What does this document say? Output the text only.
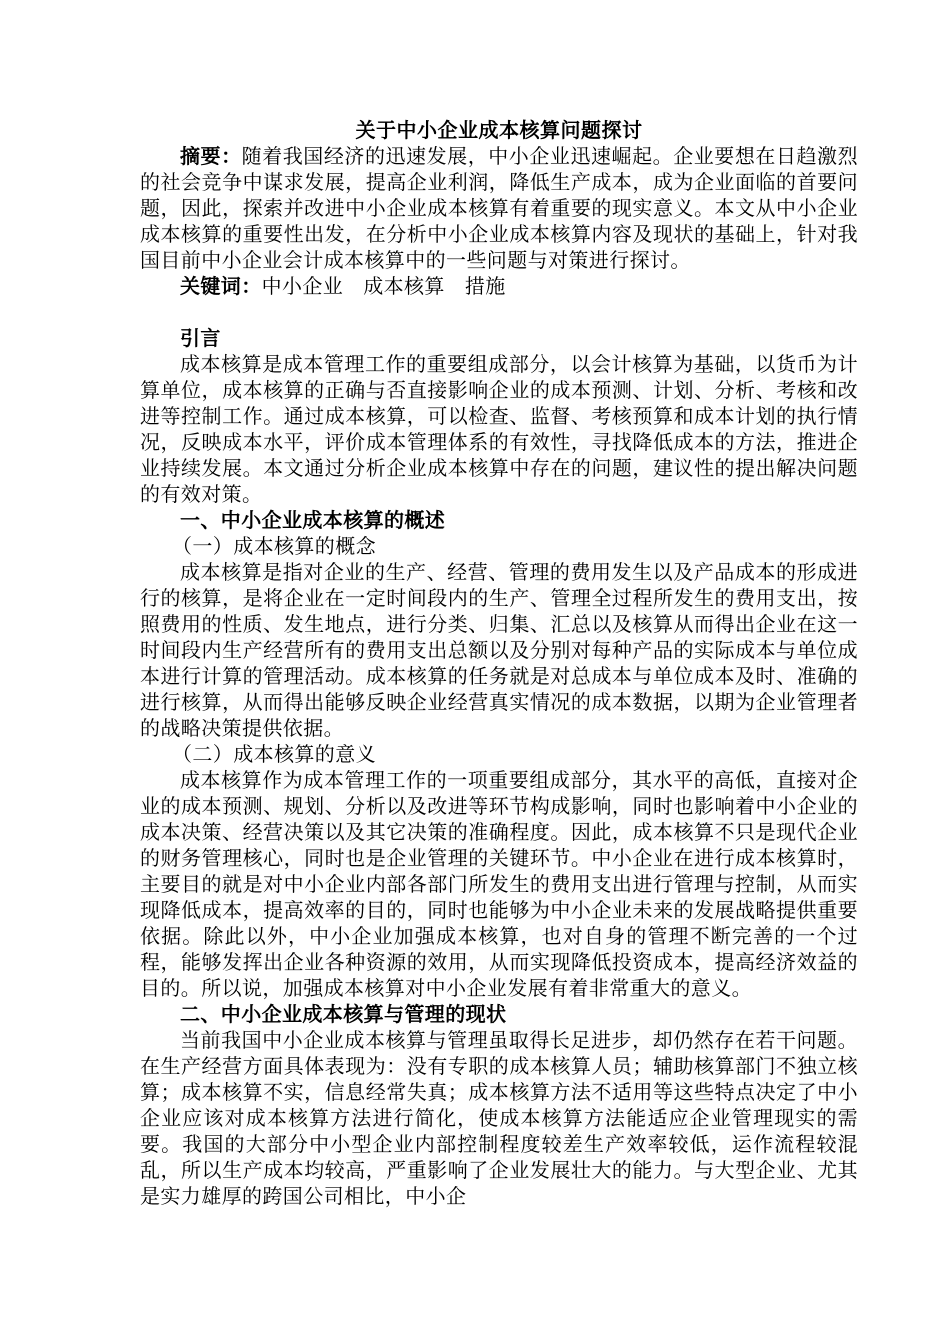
关于中小企业成本核算问题探讨

摘要：随着我国经济的迅速发展，中小企业迅速崛起。企业要想在日趋激烈的社会竞争中谋求发展，提高企业利润，降低生产成本，成为企业面临的首要问题，因此，探索并改进中小企业成本核算有着重要的现实意义。本文从中小企业成本核算的重要性出发，在分析中小企业成本核算内容及现状的基础上，针对我国目前中小企业会计成本核算中的一些问题与对策进行探讨。

关键词：中小企业 成本核算 措施

引言

成本核算是成本管理工作的重要组成部分，以会计核算为基础，以货币为计算单位，成本核算的正确与否直接影响企业的成本预测、计划、分析、考核和改进等控制工作。通过成本核算，可以检查、监督、考核预算和成本计划的执行情况，反映成本水平，评价成本管理体系的有效性，寻找降低成本的方法，推进企业持续发展。本文通过分析企业成本核算中存在的问题，建议性的提出解决问题的有效对策。

一、中小企业成本核算的概述

（一）成本核算的概念

成本核算是指对企业的生产、经营、管理的费用发生以及产品成本的形成进行的核算，是将企业在一定时间段内的生产、管理全过程所发生的费用支出，按照费用的性质、发生地点，进行分类、归集、汇总以及核算从而得出企业在这一时间段内生产经营所有的费用支出总额以及分别对每种产品的实际成本与单位成本进行计算的管理活动。成本核算的任务就是对总成本与单位成本及时、准确的进行核算，从而得出能够反映企业经营真实情况的成本数据，以期为企业管理者的战略决策提供依据。

（二）成本核算的意义

成本核算作为成本管理工作的一项重要组成部分，其水平的高低，直接对企业的成本预测、规划、分析以及改进等环节构成影响，同时也影响着中小企业的成本决策、经营决策以及其它决策的准确程度。因此，成本核算不只是现代企业的财务管理核心，同时也是企业管理的关键环节。中小企业在进行成本核算时，主要目的就是对中小企业内部各部门所发生的费用支出进行管理与控制，从而实现降低成本，提高效率的目的，同时也能够为中小企业未来的发展战略提供重要依据。除此以外，中小企业加强成本核算，也对自身的管理不断完善的一个过程，能够发挥出企业各种资源的效用，从而实现降低投资成本，提高经济效益的目的。所以说，加强成本核算对中小企业发展有着非常重大的意义。

二、中小企业成本核算与管理的现状

当前我国中小企业成本核算与管理虽取得长足进步，却仍然存在若干问题。在生产经营方面具体表现为：没有专职的成本核算人员；辅助核算部门不独立核算；成本核算不实，信息经常失真；成本核算方法不适用等这些特点决定了中小企业应该对成本核算方法进行简化，使成本核算方法能适应企业管理现实的需要。我国的大部分中小型企业内部控制程度较差生产效率较低，运作流程较混乱，所以生产成本均较高，严重影响了企业发展壮大的能力。与大型企业、尤其是实力雄厚的跨国公司相比，中小企
